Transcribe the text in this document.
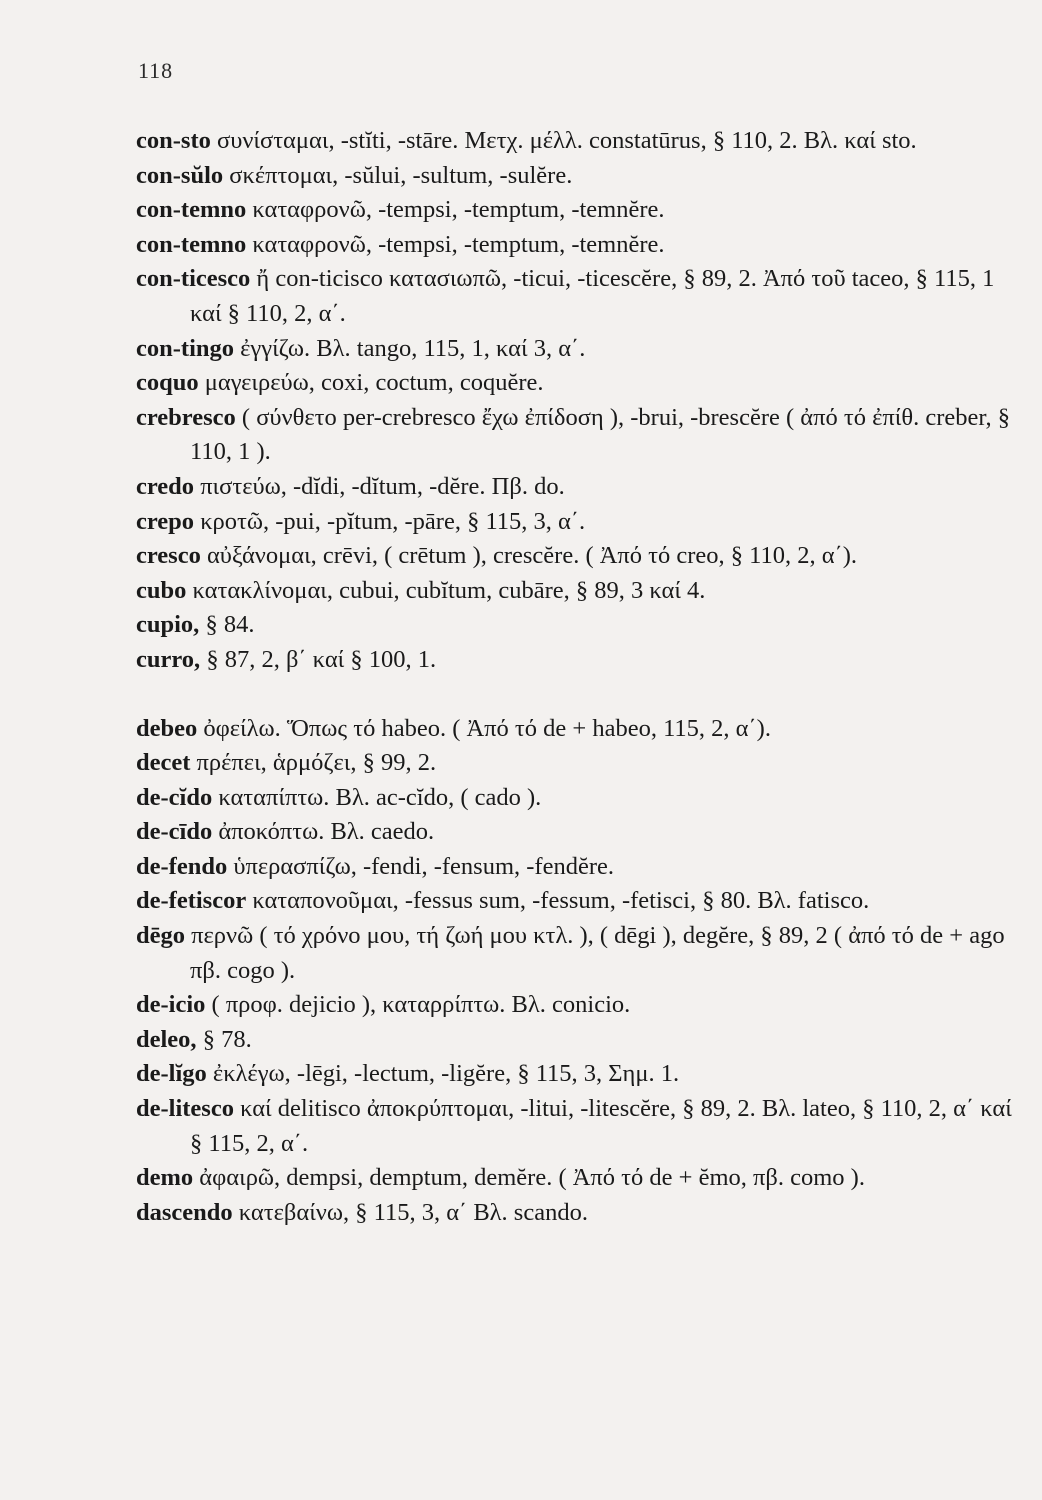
118
con-sto συνίσταμαι, -stĭti, -stāre. Μετχ. μέλλ. constatūrus, § 110, 2. Βλ. καί sto.
con-sŭlo σκέπτομαι, -sŭlui, -sultum, -sulĕre.
con-temno καταφρονῶ, -tempsi, -temptum, -temnĕre.
con-temno καταφρονῶ, -tempsi, -temptum, -temnĕre.
con-ticesco ἤ con-ticisco κατασιωπῶ, -ticui, -ticescĕre, § 89, 2. Ἀπό τοῦ taceo, § 115, 1 καί § 110, 2, α΄.
con-tingo ἐγγίζω. Βλ. tango, 115, 1, καί 3, α΄.
coquo μαγειρεύω, coxi, coctum, coquĕre.
crebresco ( σύνθετο per-crebresco ἔχω ἐπίδοση ), -brui, -brescĕre ( ἀπό τό ἐπίθ. creber, § 110, 1 ).
credo πιστεύω, -dĭdi, -dĭtum, -dĕre. Πβ. do.
crepo κροτῶ, -pui, -pĭtum, -pāre, § 115, 3, α΄.
cresco αὐξάνομαι, crēvi, ( crētum ), crescĕre. ( Ἀπό τό creo, § 110, 2, α΄).
cubo κατακλίνομαι, cubui, cubĭtum, cubāre, § 89, 3 καί 4.
cupio, § 84.
curro, § 87, 2, β΄ καί § 100, 1.
debeo ὀφείλω. Ὅπως τό habeo. ( Ἀπό τό de + habeo, 115, 2, α΄).
decet πρέπει, ἁρμόζει, § 99, 2.
de-cĭdo καταπίπτω. Βλ. ac-cĭdo, ( cado ).
de-cīdo ἀποκόπτω. Βλ. caedo.
de-fendo ὑπερασπίζω, -fendi, -fensum, -fendĕre.
de-fetiscor καταπονοῦμαι, -fessus sum, -fessum, -fetisci, § 80. Βλ. fatisco.
dēgo περνῶ ( τό χρόνο μου, τή ζωή μου κτλ. ), ( dēgi ), degĕre, § 89, 2 ( ἀπό τό de + ago πβ. cogo ).
de-icio ( προφ. dejicio ), καταρρίπτω. Βλ. conicio.
deleo, § 78.
de-lĭgo ἐκλέγω, -lēgi, -lectum, -ligĕre, § 115, 3, Σημ. 1.
de-litesco καί delitisco ἀποκρύπτομαι, -litui, -litescĕre, § 89, 2. Βλ. lateo, § 110, 2, α΄ καί § 115, 2, α΄.
demo ἀφαιρῶ, dempsi, demptum, demĕre. ( Ἀπό τό de + ĕmo, πβ. como ).
dascendo κατεβαίνω, § 115, 3, α΄ Βλ. scando.
